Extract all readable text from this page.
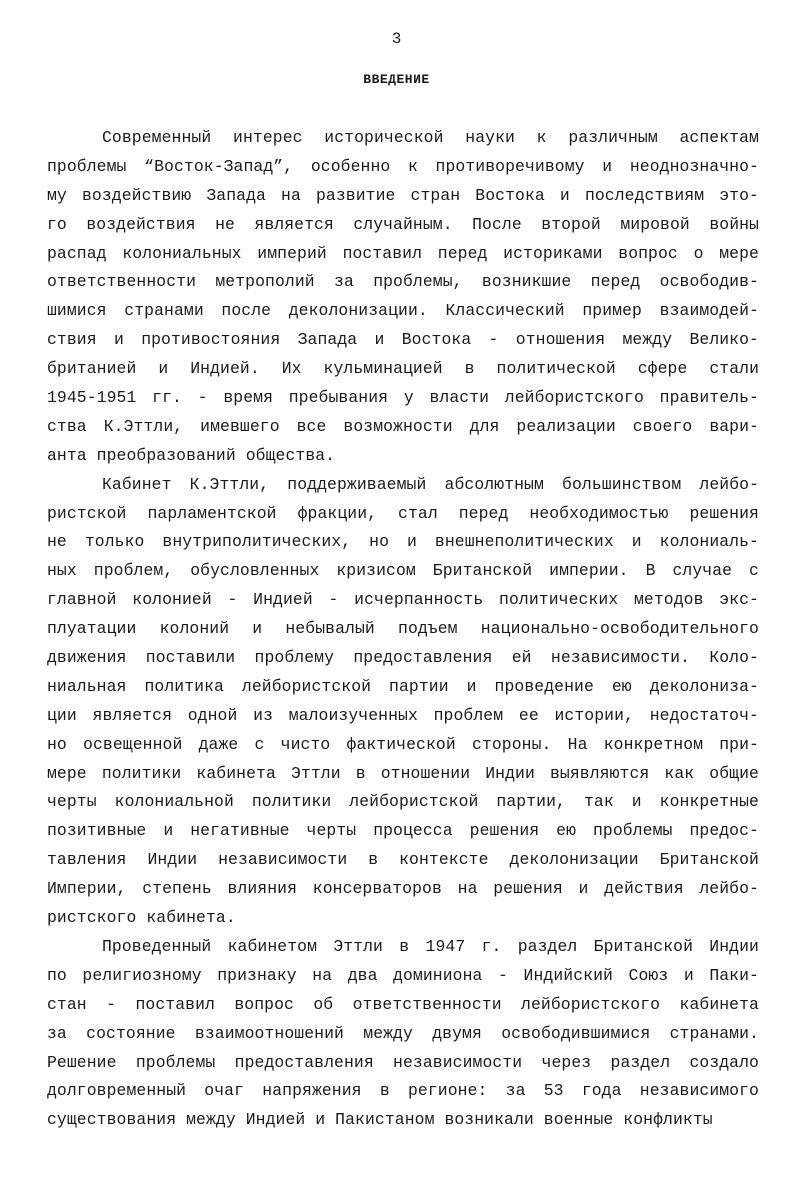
3
ВВЕДЕНИЕ
Современный интерес исторической науки к различным аспектам
проблемы “Восток-Запад”, особенно к противоречивому и неоднозначно-
му воздействию Запада на развитие стран Востока и последствиям это-
го воздействия не является случайным. После второй мировой войны
распад колониальных империй поставил перед историками вопрос о мере
ответственности метрополий за проблемы, возникшие перед освободив-
шимися странами после деколонизации. Классический пример взаимодей-
ствия и противостояния Запада и Востока - отношения между Велико-
британией и Индией. Их кульминацией в политической сфере стали
1945-1951 гг. - время пребывания у власти лейбористского правитель-
ства К.Эттли, имевшего все возможности для реализации своего вари-
анта преобразований общества.
Кабинет К.Эттли, поддерживаемый абсолютным большинством лейбо-
ристской парламентской фракции, стал перед необходимостью решения
не только внутриполитических, но и внешнеполитических и колониаль-
ных проблем, обусловленных кризисом Британской империи. В случае с
главной колонией - Индией - исчерпанность политических методов экс-
плуатации колоний и небывалый подъем национально-освободительного
движения поставили проблему предоставления ей независимости. Коло-
ниальная политика лейбористской партии и проведение ею деколониза-
ции является одной из малоизученных проблем ее истории, недостаточ-
но освещенной даже с чисто фактической стороны. На конкретном при-
мере политики кабинета Эттли в отношении Индии выявляются как общие
черты колониальной политики лейбористской партии, так и конкретные
позитивные и негативные черты процесса решения ею проблемы предос-
тавления Индии независимости в контексте деколонизации Британской
Империи, степень влияния консерваторов на решения и действия лейбо-
ристского кабинета.
Проведенный кабинетом Эттли в 1947 г. раздел Британской Индии
по религиозному признаку на два доминиона - Индийский Союз и Паки-
стан - поставил вопрос об ответственности лейбористского кабинета
за состояние взаимоотношений между двумя освободившимися странами.
Решение проблемы предоставления независимости через раздел создало
долговременный очаг напряжения в регионе: за 53 года независимого
существования между Индией и Пакистаном возникали военные конфликты
